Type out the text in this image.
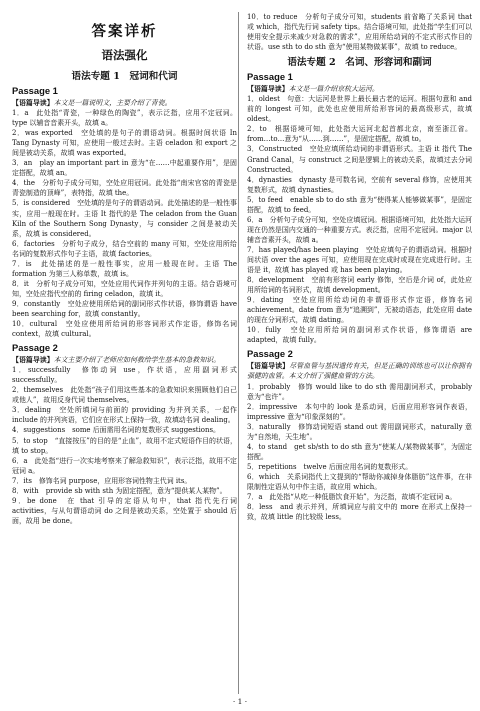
答案详析
语法强化
语法专题 1　冠词和代词
Passage 1

【语篇导读】本文是一篇说明文，主要介绍了青瓷。

1．a　此处指“青瓷，一种绿色的陶瓷”，表示泛指，应用不定冠词。type 以辅音音素开头，故填 a。

2．was exported　空处填的是句子的谓语动词。根据时间状语 In Tang Dynasty 可知，应使用一般过去时。主语 celadon 和 export 之间是被动关系，故填 was exported。

3．an　play an important part in 意为“在……中起重要作用”，是固定搭配，故填 an。

4．the　分析句子成分可知，空处应用冠词。此处指“南宋官窑的青瓷是青瓷制造的顶峰”，表特指，故填 the。

5．is considered　空处填的是句子的谓语动词。此处描述的是一般性事实，应用一般现在时。主语 It 指代的是 The celadon from the Guan Kiln of the Southern Song Dynasty，与 consider 之间是被动关系，故填 is considered。

6．factories　分析句子成分，结合空前的 many 可知，空处应用所给名词的复数形式作句子主语，故填 factories。

7．is　此处描述的是一般性事实，应用一般现在时。主语 The formation 为第三人称单数，故填 is。

8．it　分析句子成分可知，空处应用代词作并列句的主语。结合语境可知，空处应指代空前的 firing celadon，故填 it。

9．constantly　空处应使用所给词的副词形式作状语，修饰谓语 have been searching for，故填 constantly。

10．cultural　空处应使用所给词的形容词形式作定语，修饰名词 context，故填 cultural。

Passage 2

【语篇导读】本文主要介绍了老师应如何教给学生基本的急救知识。

1．successfully　修饰动词 use，作状语，应用副词形式 successfully。

2．themselves　此处指“孩子们用这些基本的急救知识来照顾他们自己或他人”，故用反身代词 themselves。

3．dealing　空处所填词与前面的 providing 为并列关系，一起作 include 的并列宾语，它们应在形式上保持一致，故填动名词 dealing。

4．suggestions　some 后面需用名词的复数形式 suggestions。

5．to stop　“直接按压”的目的是“止血”，故用不定式短语作目的状语，填 to stop。

6．a　此处指“进行一次实地考察来了解急救知识”，表示泛指，故用不定冠词 a。

7．its　修饰名词 purpose，应用形容词性物主代词 its。

8．with　provide sb with sth 为固定搭配，意为“提供某人某物”。

9．be done　在 that 引导的定语从句中，that 指代先行词 activities，与从句谓语动词 do 之间是被动关系，空处置于 should 后面，故用 be done。

10．to reduce　分析句子成分可知，students 前省略了关系词 that 或 which，指代先行词 safety tips。结合语境可知，此处指“学生们可以使用安全提示来减少对急救的需求”，应用所给动词的不定式形式作目的状语。use sth to do sth 意为“使用某物做某事”，故填 to reduce。

语法专题 2　名词、形容词和副词
Passage 1

【语篇导读】本文是一篇介绍京杭大运河。

1．oldest　句意：大运河是世界上最长最古老的运河。根据句意和 and 前的 longest 可知，此处也应使用所给形容词的最高级形式，故填 oldest。

2．to　根据语境可知，此处指大运河北起首都北京，南至浙江省。from…to…意为“从……到……”，是固定搭配，故填 to。

3．Constructed　空处应填所给动词的非谓语形式。主语 it 指代 The Grand Canal，与 construct 之间是逻辑上的被动关系，故填过去分词 Constructed。

4．dynasties　dynasty 是可数名词，空前有 several 修饰，应使用其复数形式，故填 dynasties。

5．to feed　enable sb to do sth 意为“使得某人能够做某事”，是固定搭配，故填 to feed。

6．a　分析句子成分可知，空处应填冠词。根据语境可知，此处指大运河现在仍然是国内交通的一种重要方式。表泛指，应用不定冠词。major 以辅音音素开头，故填 a。

7．has played/has been playing　空处应填句子的谓语动词。根据时间状语 over the ages 可知，应使用现在完成时或现在完成进行时。主语是 it，故填 has played 或 has been playing。

8．development　空前有形容词 early 修饰，空后是介词 of，此处应用所给词的名词形式，故填 development。

9．dating　空处应用所给动词的非谓语形式作定语，修饰名词 achievement。date from 意为“追溯到”，无被动语态，此处应用 date 的现在分词形式，故填 dating。

10．fully　空处应用所给词的副词形式作状语，修饰谓语 are adapted，故填 fully。

Passage 2

【语篇导读】尽管血管与基因遗传有关，但是正确的训练也可以让你拥有强健的血管。本文介绍了强健血管的方法。

1．probably　修饰 would like to do sth 需用副词形式，probably 意为“也许”。

2．impressive　本句中的 look 是系动词，后面应用形容词作表语，impressive 意为“印象深刻的”。

3．naturally　修饰动词短语 stand out 需用副词形式，naturally 意为“自然地，天生地”。

4．to stand　get sb/sth to do sth 意为“使某人/某物做某事”，为固定搭配。

5．repetitions　twelve 后面应用名词的复数形式。

6．which　关系词指代上文提到的“帮助你减掉身体脂肪”这件事，在非限制性定语从句中作主语，故应用 which。

7．a　此处指“从吃一种低脂饮食开始”，为泛指，故填不定冠词 a。

8．less　and 表示并列，所填词应与前文中的 more 在形式上保持一致，故填 little 的比较级 less。

· 1 ·
